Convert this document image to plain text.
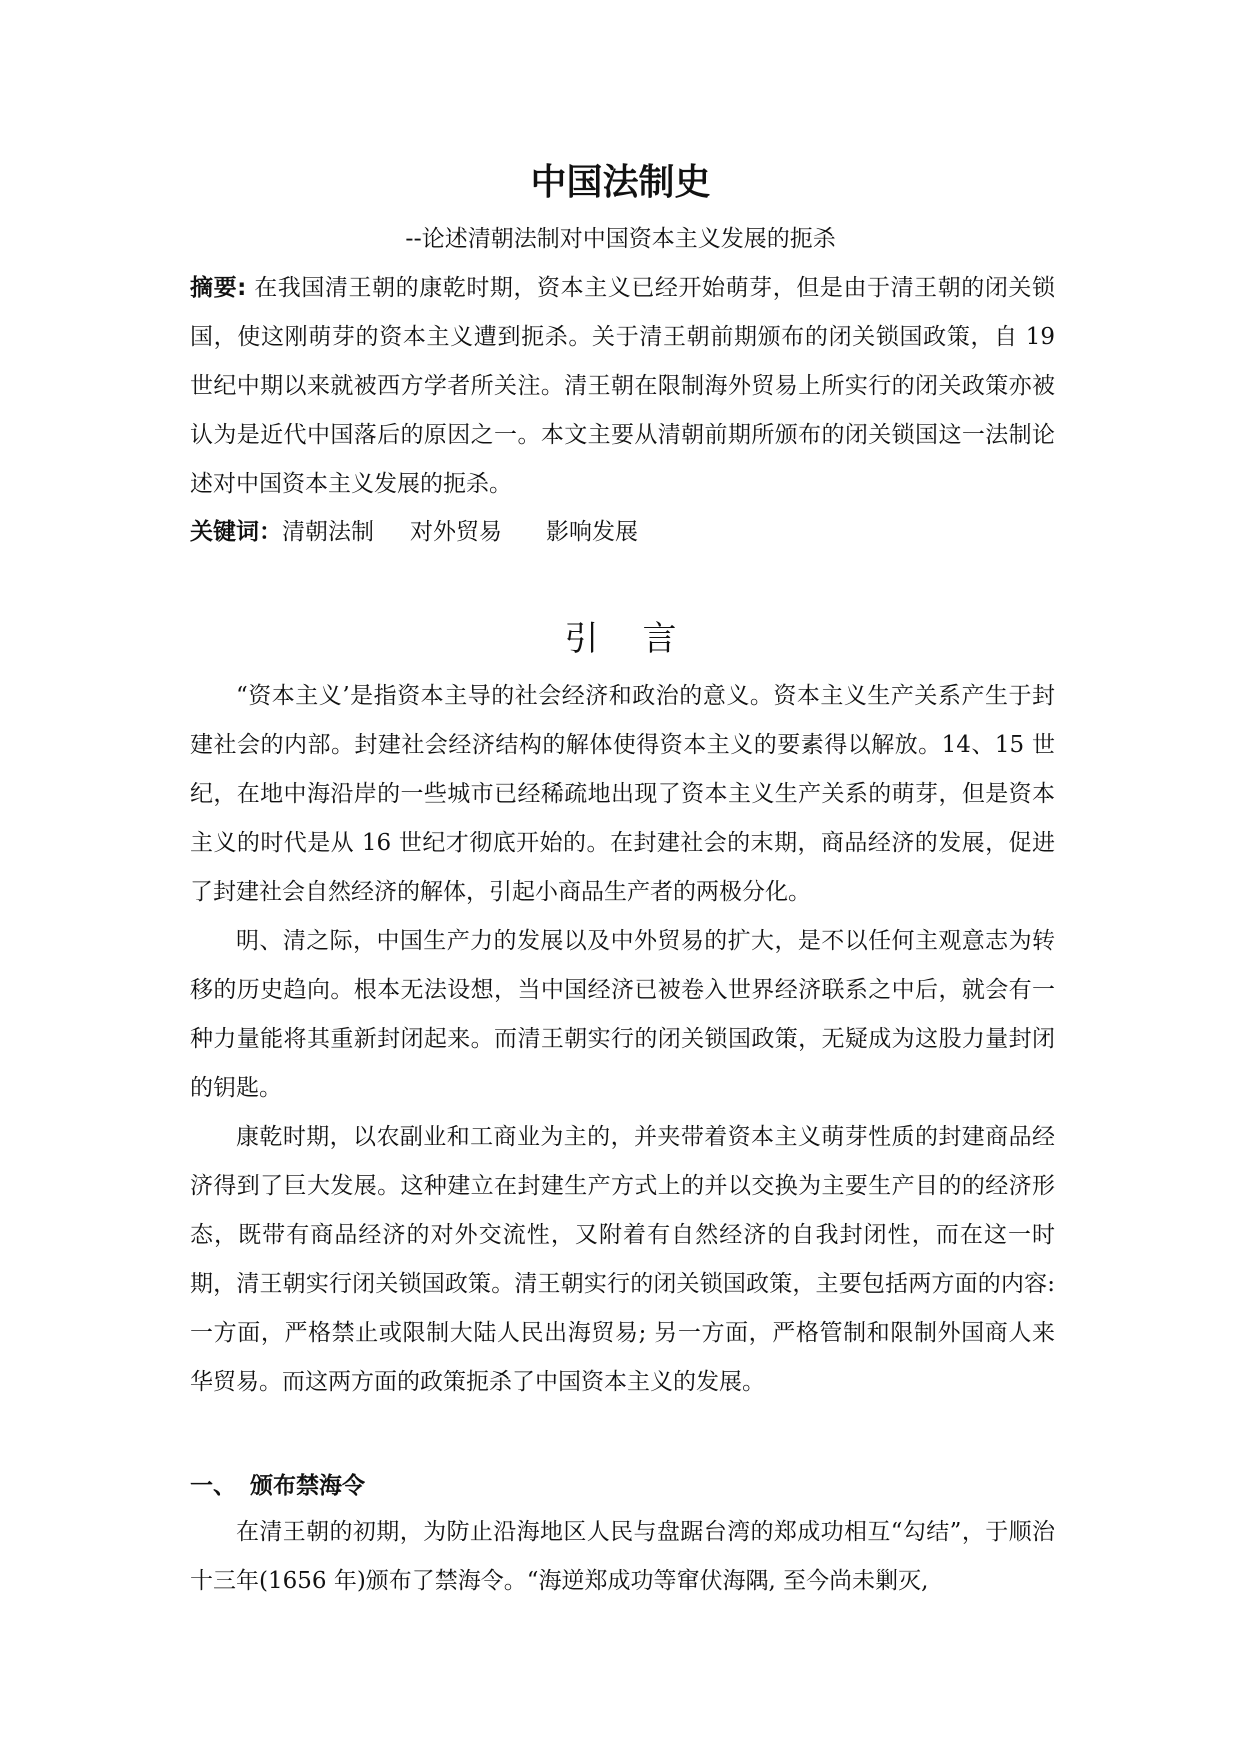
中国法制史
--论述清朝法制对中国资本主义发展的扼杀

摘要: 在我国清王朝的康乾时期，资本主义已经开始萌芽，但是由于清王朝的闭关锁国，使这刚萌芽的资本主义遭到扼杀。关于清王朝前期颁布的闭关锁国政策，自 19 世纪中期以来就被西方学者所关注。清王朝在限制海外贸易上所实行的闭关政策亦被认为是近代中国落后的原因之一。本文主要从清朝前期所颁布的闭关锁国这一法制论述对中国资本主义发展的扼杀。

关键词：清朝法制 对外贸易 影响发展

引 言

“资本主义’是指资本主导的社会经济和政治的意义。资本主义生产关系产生于封建社会的内部。封建社会经济结构的解体使得资本主义的要素得以解放。14、15 世纪，在地中海沿岸的一些城市已经稀疏地出现了资本主义生产关系的萌芽，但是资本主义的时代是从 16 世纪才彻底开始的。在封建社会的末期，商品经济的发展，促进了封建社会自然经济的解体，引起小商品生产者的两极分化。

明、清之际，中国生产力的发展以及中外贸易的扩大，是不以任何主观意志为转移的历史趋向。根本无法设想，当中国经济已被卷入世界经济联系之中后，就会有一种力量能将其重新封闭起来。而清王朝实行的闭关锁国政策，无疑成为这股力量封闭的钥匙。

康乾时期，以农副业和工商业为主的，并夹带着资本主义萌芽性质的封建商品经济得到了巨大发展。这种建立在封建生产方式上的并以交换为主要生产目的的经济形态，既带有商品经济的对外交流性，又附着有自然经济的自我封闭性，而在这一时期，清王朝实行闭关锁国政策。清王朝实行的闭关锁国政策，主要包括两方面的内容: 一方面，严格禁止或限制大陆人民出海贸易; 另一方面，严格管制和限制外国商人来华贸易。而这两方面的政策扼杀了中国资本主义的发展。

一、 颁布禁海令

在清王朝的初期，为防止沿海地区人民与盘踞台湾的郑成功相互“勾结”，于顺治十三年(1656 年)颁布了禁海令。“海逆郑成功等窜伏海隅, 至今尚未剿灭,
